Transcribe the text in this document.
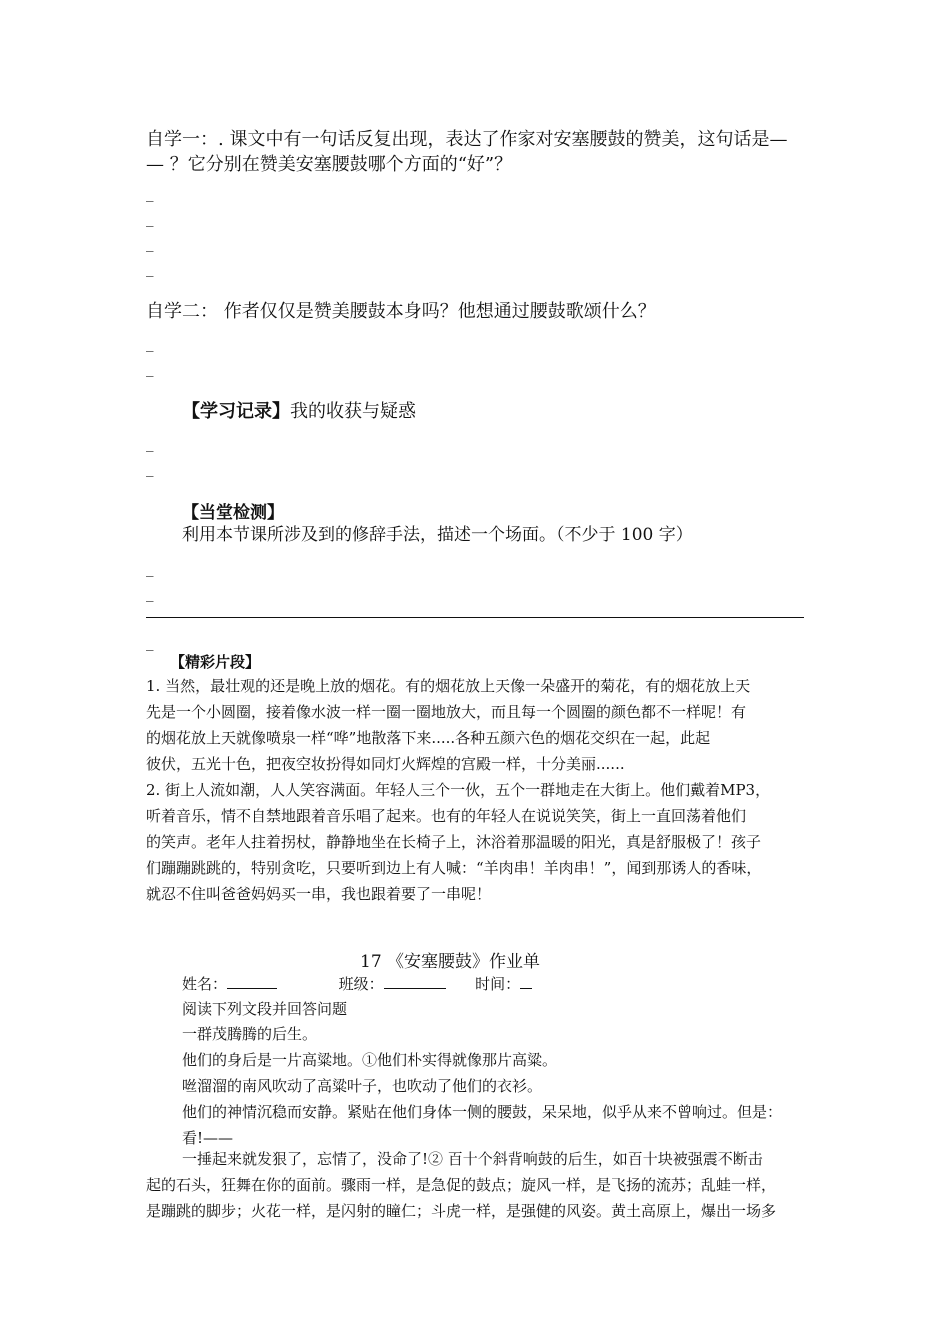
自学一：. 课文中有一句话反复出现，表达了作家对安塞腰鼓的赞美，这句话是—
— ？它分别在赞美安塞腰鼓哪个方面的“好”？
_
_
_
_
自学二： 作者仅仅是赞美腰鼓本身吗？他想通过腰鼓歌颂什么？
_
_
【学习记录】我的收获与疑惑
_
_
【当堂检测】
利用本节课所涉及到的修辞手法，描述一个场面。（不少于 100 字）
_
_
_
【精彩片段】
1. 当然，最壮观的还是晚上放的烟花。有的烟花放上天像一朵盛开的菊花，有的烟花放上天
先是一个小圆圈，接着像水波一样一圈一圈地放大，而且每一个圆圈的颜色都不一样呢！有
的烟花放上天就像喷泉一样“哗”地散落下来.....各种五颜六色的烟花交织在一起，此起
彼伏，五光十色，把夜空妆扮得如同灯火辉煌的宫殿一样，十分美丽......
2. 街上人流如潮，人人笑容满面。年轻人三个一伙，五个一群地走在大街上。他们戴着MP3，
听着音乐，情不自禁地跟着音乐唱了起来。也有的年轻人在说说笑笑，街上一直回荡着他们
的笑声。老年人拄着拐杖，静静地坐在长椅子上，沐浴着那温暖的阳光，真是舒服极了！孩子
们蹦蹦跳跳的，特别贪吃，只要听到边上有人喊：“羊肉串！羊肉串！”，闻到那诱人的香味，
就忍不住叫爸爸妈妈买一串，我也跟着要了一串呢！
17 《安塞腰鼓》作业单
姓名：	班级：	时间：
阅读下列文段并回答问题
一群茂腾腾的后生。
他们的身后是一片高粱地。①他们朴实得就像那片高粱。
咝溜溜的南风吹动了高粱叶子，也吹动了他们的衣衫。
他们的神情沉稳而安静。紧贴在他们身体一侧的腰鼓，呆呆地，似乎从来不曾响过。但是：
看!——
一捶起来就发狠了，忘情了，没命了!② 百十个斜背响鼓的后生，如百十块被强震不断击
起的石头，狂舞在你的面前。骤雨一样，是急促的鼓点；旋风一样，是飞扬的流苏；乱蛙一样，
是蹦跳的脚步；火花一样，是闪射的瞳仁；斗虎一样，是强健的风姿。黄土高原上，爆出一场多
